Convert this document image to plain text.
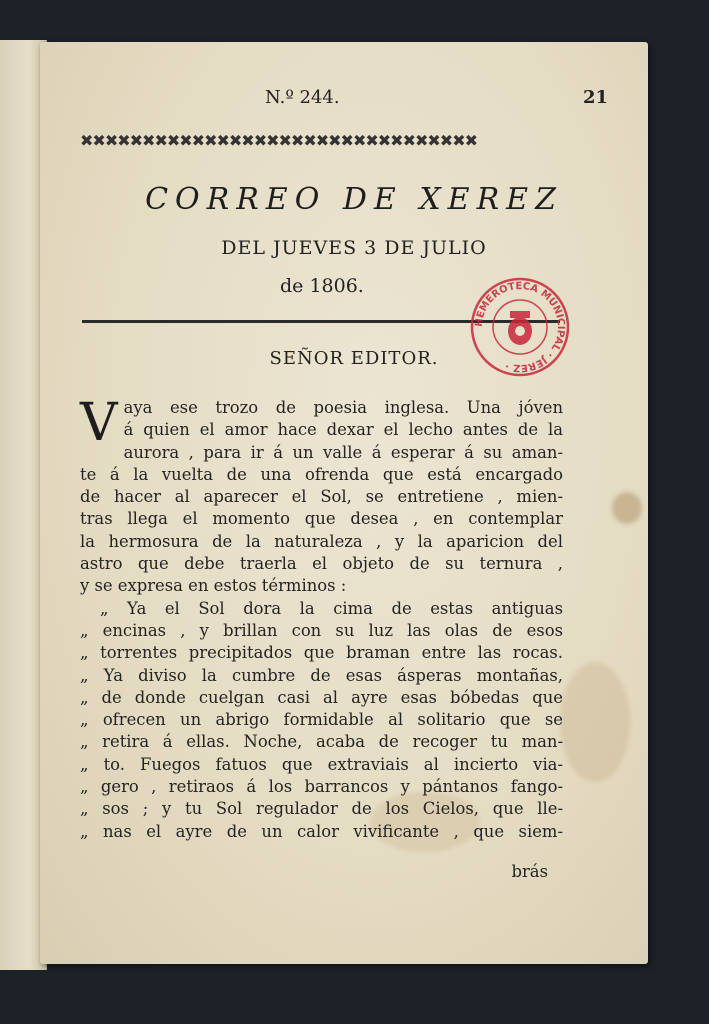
N.º 244.	21
✖✖✖✖✖✖✖✖✖✖✖✖✖✖✖✖✖✖✖✖✖✖✖✖✖✖✖✖✖✖✖✖
CORREO DE XEREZ
DEL JUEVES 3 DE JULIO
de 1806.
HEMEROTECA MUNICIPAL · JEREZ ·
SEÑOR EDITOR.
V aya ese trozo de poesia inglesa. Una jóven
á quien el amor hace dexar el lecho antes de la
aurora , para ir á un valle á esperar á su aman-
te á la vuelta de una ofrenda que está encargado
de hacer al aparecer el Sol, se entretiene , mien-
tras llega el momento que desea , en contemplar
la hermosura de la naturaleza , y la aparicion del
astro que debe traerla el objeto de su ternura ,
y se expresa en estos términos :
„ Ya el Sol dora la cima de estas antiguas
„ encinas , y brillan con su luz las olas de esos
„ torrentes precipitados que braman entre las rocas.
„ Ya diviso la cumbre de esas ásperas montañas,
„ de donde cuelgan casi al ayre esas bóbedas que
„ ofrecen un abrigo formidable al solitario que se
„ retira á ellas. Noche, acaba de recoger tu man-
„ to. Fuegos fatuos que extraviais al incierto via-
„ gero , retiraos á los barrancos y pántanos fango-
„ sos ; y tu Sol regulador de los Cielos, que lle-
„ nas el ayre de un calor vivificante , que siem-
brás
